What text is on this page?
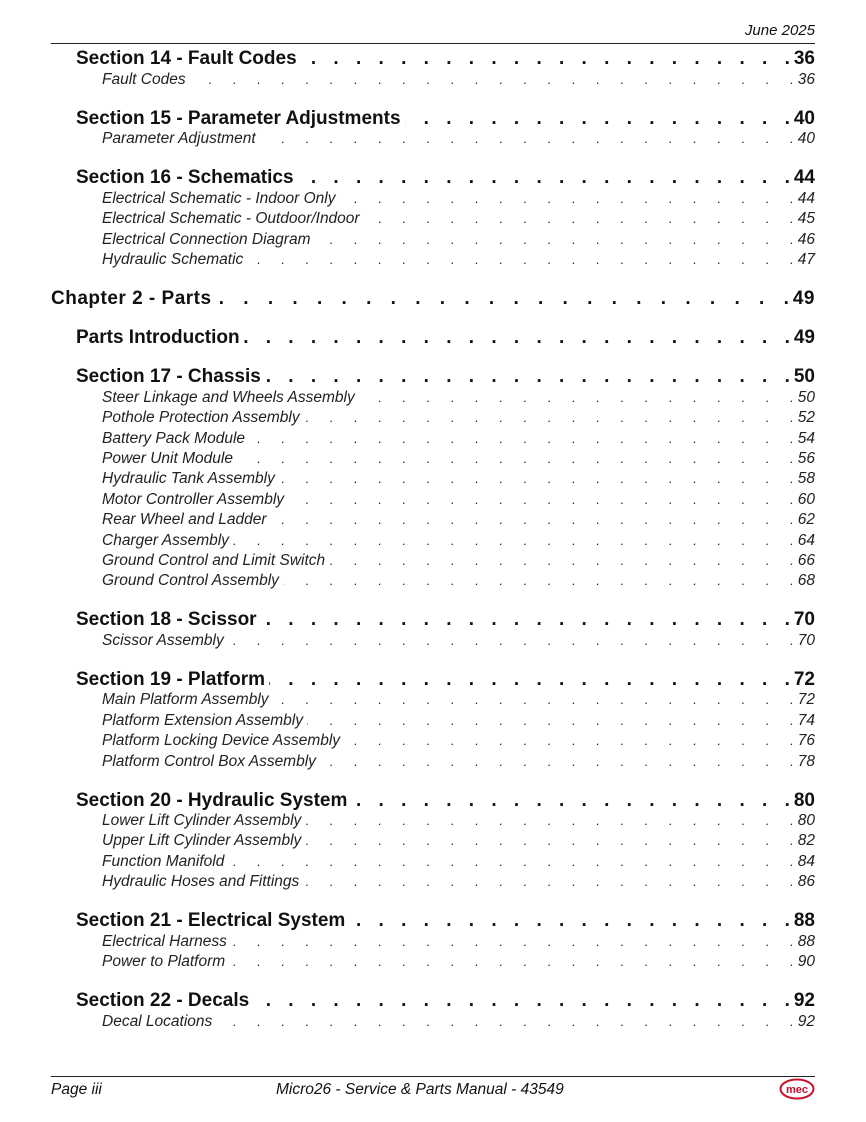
June 2025
Section 14 - Fault Codes . . .	36
Fault Codes . . .	36
Section 15 - Parameter Adjustments . . .	40
Parameter Adjustment . . .	40
Section 16 - Schematics . . .	44
Electrical Schematic - Indoor Only . . .	44
Electrical Schematic - Outdoor/Indoor . . .	45
Electrical Connection Diagram . . .	46
Hydraulic Schematic . . .	47
Chapter 2 - Parts . . .	49
Parts Introduction . . .	49
Section 17 - Chassis . . .	50
Steer Linkage and Wheels Assembly . . .	50
Pothole Protection Assembly . . .	52
Battery Pack Module . . .	54
Power Unit Module . . .	56
Hydraulic Tank Assembly . . .	58
Motor Controller Assembly . . .	60
Rear Wheel and Ladder . . .	62
Charger Assembly . . .	64
Ground Control and Limit Switch . . .	66
Ground Control Assembly . . .	68
Section 18 - Scissor . . .	70
Scissor Assembly . . .	70
Section 19 - Platform . . .	72
Main Platform Assembly . . .	72
Platform Extension Assembly . . .	74
Platform Locking Device Assembly . . .	76
Platform Control Box Assembly . . .	78
Section 20 - Hydraulic System . . .	80
Lower Lift Cylinder Assembly . . .	80
Upper Lift Cylinder Assembly . . .	82
Function Manifold . . .	84
Hydraulic Hoses and Fittings . . .	86
Section 21 - Electrical System . . .	88
Electrical Harness . . .	88
Power to Platform . . .	90
Section 22 - Decals . . .	92
Decal Locations . . .	92
Page iii	Micro26 - Service & Parts Manual - 43549	mec
